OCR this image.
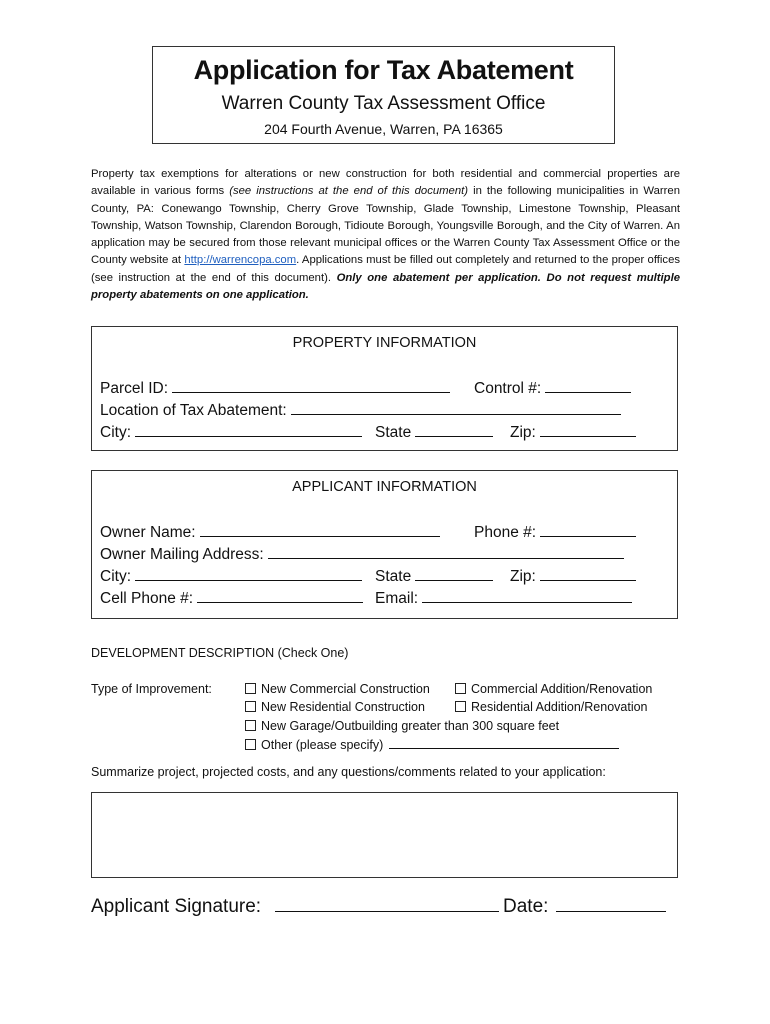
Application for Tax Abatement
Warren County Tax Assessment Office
204 Fourth Avenue, Warren, PA 16365
Property tax exemptions for alterations or new construction for both residential and commercial properties are available in various forms (see instructions at the end of this document) in the following municipalities in Warren County, PA: Conewango Township, Cherry Grove Township, Glade Township, Limestone Township, Pleasant Township, Watson Township, Clarendon Borough, Tidioute Borough, Youngsville Borough, and the City of Warren. An application may be secured from those relevant municipal offices or the Warren County Tax Assessment Office or the County website at http://warrencopa.com. Applications must be filled out completely and returned to the proper offices (see instruction at the end of this document). Only one abatement per application. Do not request multiple property abatements on one application.
PROPERTY INFORMATION
Parcel ID:	Control #:
Location of Tax Abatement:
City:	State	Zip:
APPLICANT INFORMATION
Owner Name:	Phone #:
Owner Mailing Address:
City:	State	Zip:
Cell Phone #:	Email:
DEVELOPMENT DESCRIPTION (Check One)
Type of Improvement:	New Commercial Construction	Commercial Addition/Renovation
New Residential Construction	Residential Addition/Renovation
New Garage/Outbuilding greater than 300 square feet
Other (please specify)
Summarize project, projected costs, and any questions/comments related to your application:
Applicant Signature:	Date:
